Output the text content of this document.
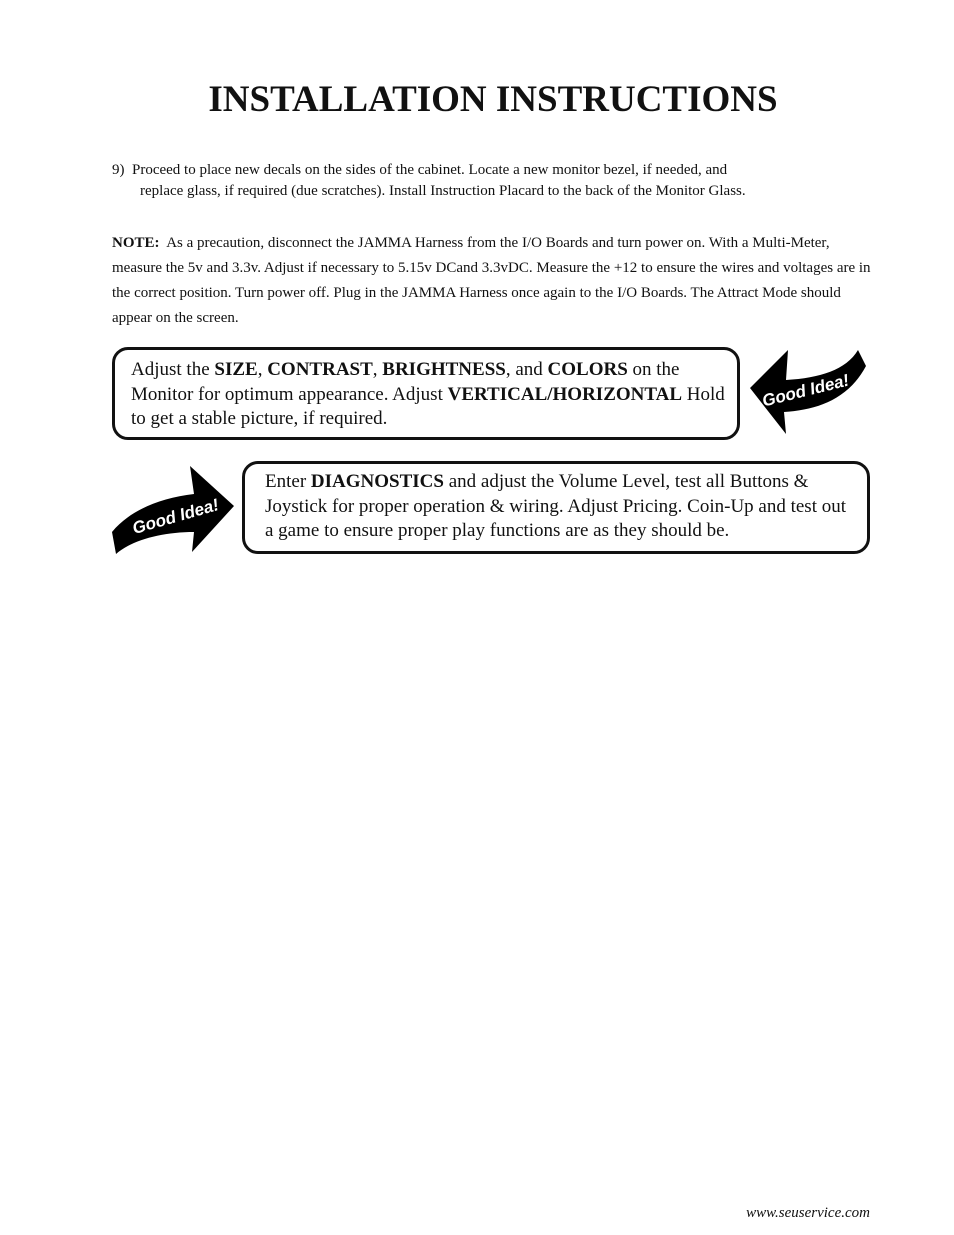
INSTALLATION INSTRUCTIONS
9) Proceed to place new decals on the sides of the cabinet. Locate a new monitor bezel, if needed, and
replace glass, if required (due scratches). Install Instruction Placard to the back of the Monitor Glass.
NOTE: As a precaution, disconnect the JAMMA Harness from the I/O Boards and turn power on. With a Multi-Meter, measure the 5v and 3.3v. Adjust if necessary to 5.15v DCand 3.3vDC. Measure the +12 to ensure the wires and voltages are in the correct position. Turn power off. Plug in the JAMMA Harness once again to the I/O Boards. The Attract Mode should appear on the screen.
Adjust the SIZE, CONTRAST, BRIGHTNESS, and COLORS on the Monitor for optimum appearance. Adjust VERTICAL/HORIZONTAL Hold to get a stable picture, if required.
Good Idea!
Good Idea!
Enter DIAGNOSTICS and adjust the Volume Level, test all Buttons & Joystick for proper operation & wiring. Adjust Pricing. Coin-Up and test out a game to ensure proper play functions are as they should be.
www.seuservice.com
